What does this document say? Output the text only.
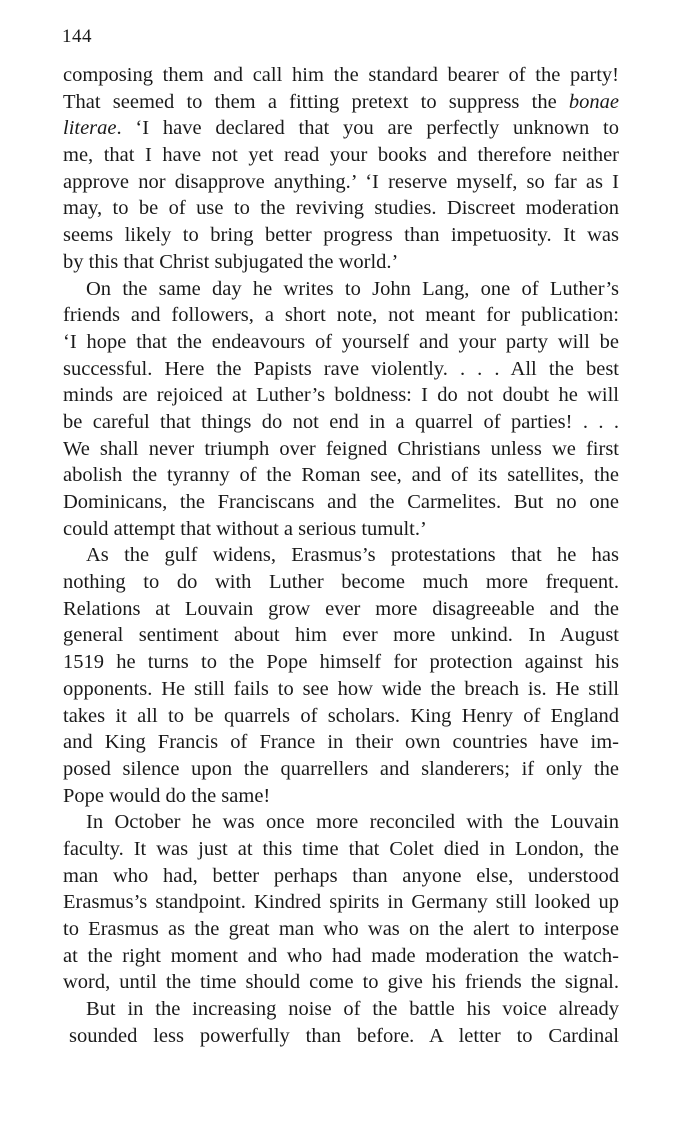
144
composing them and call him the standard bearer of the party!
That seemed to them a fitting pretext to suppress the bonae
literae. ‘I have declared that you are perfectly unknown to
me, that I have not yet read your books and therefore neither
approve nor disapprove anything.’ ‘I reserve myself, so far as I
may, to be of use to the reviving studies. Discreet moderation
seems likely to bring better progress than impetuosity. It was
by this that Christ subjugated the world.’
On the same day he writes to John Lang, one of Luther’s
friends and followers, a short note, not meant for publication:
‘I hope that the endeavours of yourself and your party will be
successful. Here the Papists rave violently. . . . All the best
minds are rejoiced at Luther’s boldness: I do not doubt he will
be careful that things do not end in a quarrel of parties! . . .
We shall never triumph over feigned Christians unless we first
abolish the tyranny of the Roman see, and of its satellites, the
Dominicans, the Franciscans and the Carmelites. But no one
could attempt that without a serious tumult.’
As the gulf widens, Erasmus’s protestations that he has
nothing to do with Luther become much more frequent.
Relations at Louvain grow ever more disagreeable and the
general sentiment about him ever more unkind. In August
1519 he turns to the Pope himself for protection against his
opponents. He still fails to see how wide the breach is. He still
takes it all to be quarrels of scholars. King Henry of England
and King Francis of France in their own countries have im-
posed silence upon the quarrellers and slanderers; if only the
Pope would do the same!
In October he was once more reconciled with the Louvain
faculty. It was just at this time that Colet died in London, the
man who had, better perhaps than anyone else, understood
Erasmus’s standpoint. Kindred spirits in Germany still looked up
to Erasmus as the great man who was on the alert to interpose
at the right moment and who had made moderation the watch-
word, until the time should come to give his friends the signal.
But in the increasing noise of the battle his voice already
sounded less powerfully than before. A letter to Cardinal
